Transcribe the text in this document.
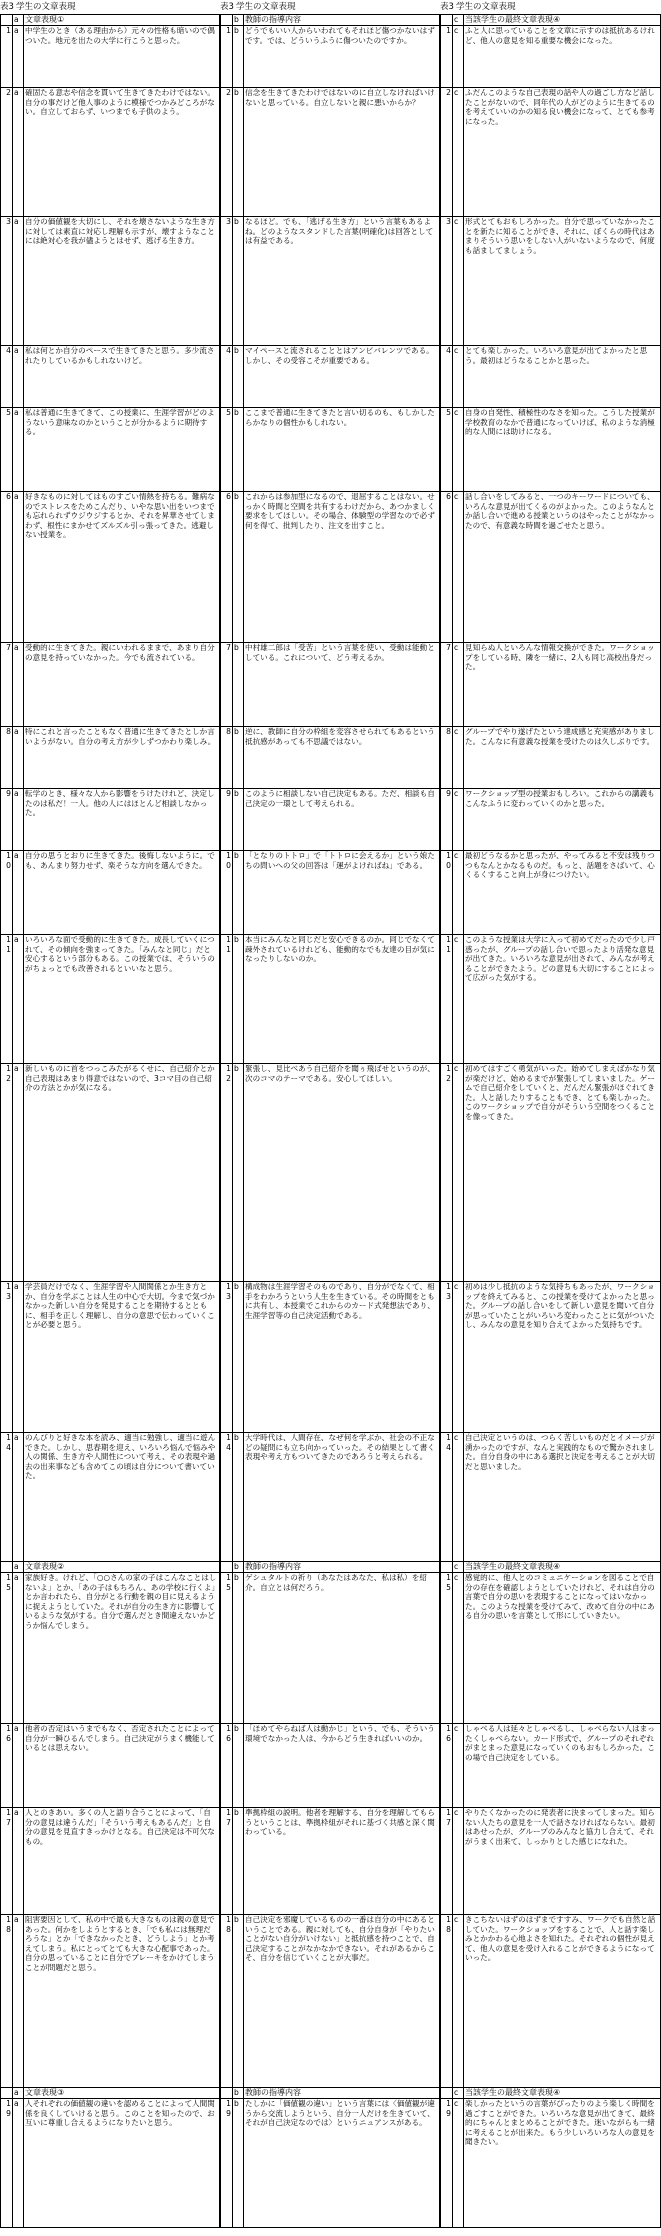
表3 学生の文章表現
	a	文章表現①
1	a	中学生のとき（ある理由から）元々の性格も暗いので偶ついた。地元を出たの大学に行こうと思った。
2	a	確固たる意志や信念を貫いて生きてきたわけではない。自分の事だけど他人事のように模様でつかみどころがない。自立しておらず、いつまでも子供のよう。
3	a	自分の価値観を大切にし、それを壊さないような生き方に対しては素直に対応し理解も示すが、壊すようなことには絶対心を我が儘ようとはせず、逃げる生き方。
4	a	私は何とか自分のペースで生きてきたと思う。多少流されたりしているかもしれないけど。
5	a	私は普通に生きてきて、この授業に、生涯学習がどのようないう意味なのかということが分かるように期待する。
6	a	好きなものに対してはものすごい情熱を持ちる。難病なのでストレスをためこんだり、いやな思い出をいつまでも忘れられずウジウジするとか、それを昇華させてしまわず、根性にまかせてズルズル引っ張ってきた。逃避しない授業を。
7	a	受動的に生きてきた。親にいわれるままで、あまり自分の意見を持っていなかった。今でも流されている。
8	a	特にこれと言ったこともなく普通に生きてきたとしか言いようがない。自分の考え方が少しずつかわり楽しみ。
9	a	転学のとき、様々な人から影響をうけたけれど、決定したのは私だ！一人。他の人にはほとんど相談しなかった。
10	a	自分の思うとおりに生きてきた。後悔しないように。でも、あんまり努力せず、楽そうな方向を選んできた。
11	a	いろいろな面で受動的に生きてきた。成長していくにつれて、その傾向を強まってきた。「みんなと同じ」だと安心するという部分もある。この授業では、そういうのがちょっとでも改善されるといいなと思う。
12	a	新しいものに首をつっこみたがるくせに、自己紹介とか自己表現はあまり得意ではないので、3コマ目の自己紹介の方法とかが気になる。
13	a	学芸員だけでなく、生涯学習や人間関係とか生き方とか、自分を学ぶことは人生の中心で大切。今まで気づかなかった新しい自分を発見することを期待するとともに、相手を正しく理解し、自分の意思で伝わっていくことが必要と思う。
14	a	のんびりと好きな本を読み、適当に勉強し、適当に遊んできた。しかし、思春期を迎え、いろいろ悩んで悩みや人の関係、生き方や人間性について考え、その表現や過去の出来事なども含めてこの頃は自分について書いていた。
	a	文章表現②
15	a	家族好き。けれど、「○○さんの家の子はこんなことはしないよ」とか、「あの子はもちろん、あの学校に行くよ」とか言われたら、自分がとる行動を親の目に見えるように捉えようとしていた。それが自分の生き方に影響しているような気がする。自分で選んだとき間違えないかどうか悩んでしまう。
16	a	他者の否定はいうまでもなく、否定されたことによって自分が一瞬ひるんでしまう。自己決定がうまく機能しているとは思えない。
17	a	人とのきあい。多くの人と語り合うことによって、「自分の意見は違うんだ」「そういう考えもあるんだ」と自分の意見を見直すきっかけとなる。自己決定は不可欠なもの。
18	a	阻害要因として、私の中で最も大きなものは親の意見であった。何かをしようとするとき、「でも私には無理だろうな」とか「できなかったとき、どうしよう」とか考えてしまう。私にとってとても大きな心配事であった。自分の思っていることに自分でブレーキをかけてしまうことが問題だと思う。
	a	文章表現③
19	a	人それぞれの価値観の違いを認めることによって人間関係を良くしていけると思う。このことを知ったので、お互いに尊重し合えるようになりたいと思う。
表3 学生の文章表現
	b	教師の指導内容
1	b	どうでもいい人からいわれてもそれほど傷つかないはずです。では、どういうふうに傷ついたのですか。
2	b	信念を生きてきたわけではないのに自立しなければいけないと思っている。自立しないと親に悪いからか？
3	b	なるほど。でも、「逃げる生き方」という言葉もあるよね。どのようなスタンドした言葉(明確化)は回答としては有益である。
4	b	マイペースと流されることとはアンビバレンツである。しかし、その受容こそが重要である。
5	b	ここまで普通に生きてきたと言い切るのも、もしかしたらかなりの個性かもしれない。
6	b	これからは参加型になるので、退屈することはない。せっかく時間と空間を共有するわけだから、あつかましく要求をしてほしい。その場合、体験型の学習なので必ず何を得て、批判したり、注文を出すこと。
7	b	中村雄二郎は「受苦」という言葉を使い、受動は能動としている。これについて、どう考えるか。
8	b	逆に、教師に自分の枠組を変容させられてもあるという抵抗感があっても不思議ではない。
9	b	このように相談しない自己決定もある。ただ、相談も自己決定の一環として考えられる。
10	b	「となりのトトロ」で「トトロに会えるか」という娘たちの問いへの父の回答は「運がよければね」である。
11	b	本当にみんなと同じだと安心できるのか。同じでなくて疎外されているけれども、能動的なでも友達の目が気になったりしないのか。
12	b	緊張し、見比べあう自己紹介を聞ぅ飛ばせというのが、次のコマのテーマである。安心してほしい。
13	b	構成物は生涯学習そのものであり、自分がでなくて、相手をわかろうという人生を生きている。その時間をともに共有し、本授業でこれからのカード式発想法であり、生涯学習等の自己決定活動である。
14	b	大学時代は、人間存在、なぜ何を学ぶか、社会の不正などの疑問にも立ち向かっていった。その結果として書く表現や考え方もついてきたのであろうと考えられる。
	b	教師の指導内容
15	b	ゲシュタルトの祈り（あなたはあなた、私は私）を紹介。自立とは何だろう。
16	b	「ほめてやらねば人は動かじ」という、でも、そういう環境でなかった人は、今からどう生きればいいのか。
17	b	準拠枠組の説明。他者を理解する、自分を理解してもらうということは、準拠枠組がそれに基づく共感と深く関わっている。
18	b	自己決定を邪魔しているものの一番は自分の中にあるということである。親に対しても、自分自身が「やりたいことがない自分がいけない」と抵抗感を持つことで、自己決定することがなかなかできない。それがあるからこそ、自分を信じていくことが大事だ。
	b	教師の指導内容
19	b	たしかに「価値観の違い」という言葉には〈価値観が違うから交流しようという、自分一人だけを生きていて、それが自己決定なのでは〉というニュアンスがある。
表3 学生の文章表現
	c	当該学生の最終文章表現④
1	c	ふと人に思っていることを文章に示すのは抵抗あるけれど、他人の意見を知る重要な機会になった。
2	c	ふだんこのような自己表現の話や人の過ごし方など話したことがないので、同年代の人がどのように生きてるのを考えていいのかの知る良い機会になって、とても参考になった。
3	c	形式とてもおもしろかった。自分で思っていなかったことを新たに知ることができ、それに、ぼくらの時代はあまりそういう思いをしない人がいないようなので、何度も話ましてましょう。
4	c	とても楽しかった。いろいろ意見が出てよかったと思う。最初はどうなることかと思った。
5	c	自身の自発性、積極性のなさを知った。こうした授業が学校教育のなかで普通になっていけば、私のような消極的な人間には助けになる。
6	c	話し合いをしてみると、一つのキーワードについても、いろんな意見が出てくるのがよかった。このようなんとか話し合いで進める授業というのはやったことがなかったので、有意義な時間を過ごせたと思う。
7	c	見知らぬ人といろんな情報交換ができた。ワークショップをしている時、隣を一緒に、2人も同じ高校出身だった。
8	c	グループでやり遂げたという達成感と充実感がありました。こんなに有意義な授業を受けたのは久しぶりです。
9	c	ワークショップ型の授業おもしろい。これからの講義もこんなふうに変わっていくのかと思った。
10	c	最初どうなるかと思ったが、やってみると不安は残りつつもなんとかなるものだ。もっと、話題をさばいて、心くるくすること向上が身につけたい。
11	c	このような授業は大学に入って初めてだったので少し戸惑ったが、グループの話し合いで思ったより活発な意見が出てきた。いろいろな意見が出されて、みんなが考えることができたよう。どの意見も大切にすることによって広がった気がする。
12	c	初めてはすごく勇気がいった。始めてしまえばかなり気が楽だけど、始めるまでが緊張してしまいました。ゲームで自己紹介をしていくと、だんだん緊張がほぐれてきた。人と話したりすることもでき、とても楽しかった。このワークショップで自分がそういう空間をつくることを像ってきた。
13	c	初めは少し抵抗のような気持ちもあったが、ワークショップを終えてみると、この授業を受けてよかったと思った。グループの話し合いをして新しい意見を聞いて自分が思っていたことがいろいろ変わったことに気がついたし、みんなの意見を知り合えてよかった気持ちです。
14	c	自己決定というのは、つらく苦しいものだとイメージが湧かったのですが、なんと実践的なもので驚かされました。自分自身の中にある選択と決定を考えることが大切だと思いました。
	c	当該学生の最終文章表現④
15	c	感覚的に、他人とのコミュニケーションを図ることで自分の存在を確認しようとしていたけれど、それは自分の言葉で自分の思いを表現することになってはいなかった。このような授業を受けてみて、改めて自分の中にある自分の思いを言葉として形にしていきたい。
16	c	しゃべる人は延々としゃべるし、しゃべらない人はまったくしゃべらない。カード形式で、グループのそれぞれがまとまった意見になっていくのもおもしろかった。この場で自己決定をしている。
17	c	やりたくなかったのに発表者に決まってしまった。知らない人たちの意見を一人で話さなければならない。最初はあせったが、グループのみんなと協力し合えて、それがうまく出来て、しっかりとした感じになれた。
18	c	きこちないはずのはずまですすみ、ワークでも自然と話していた。ワークショップをすることで、人と話す楽しみとかかわる心地よさを知れた。それぞれの個性が見えて、他人の意見を受け入れることができるようになっていった。
	c	当該学生の最終文章表現④
19	c	楽しかったというの言葉がぴったりのよう楽しく時間を過ごすことができた。いろいろな意見が出てきて、最終的にちゃんとまとめることができた。迷いながらも一緒に考えることが出来た。もう少しいろいろな人の意見を聞きたい。
